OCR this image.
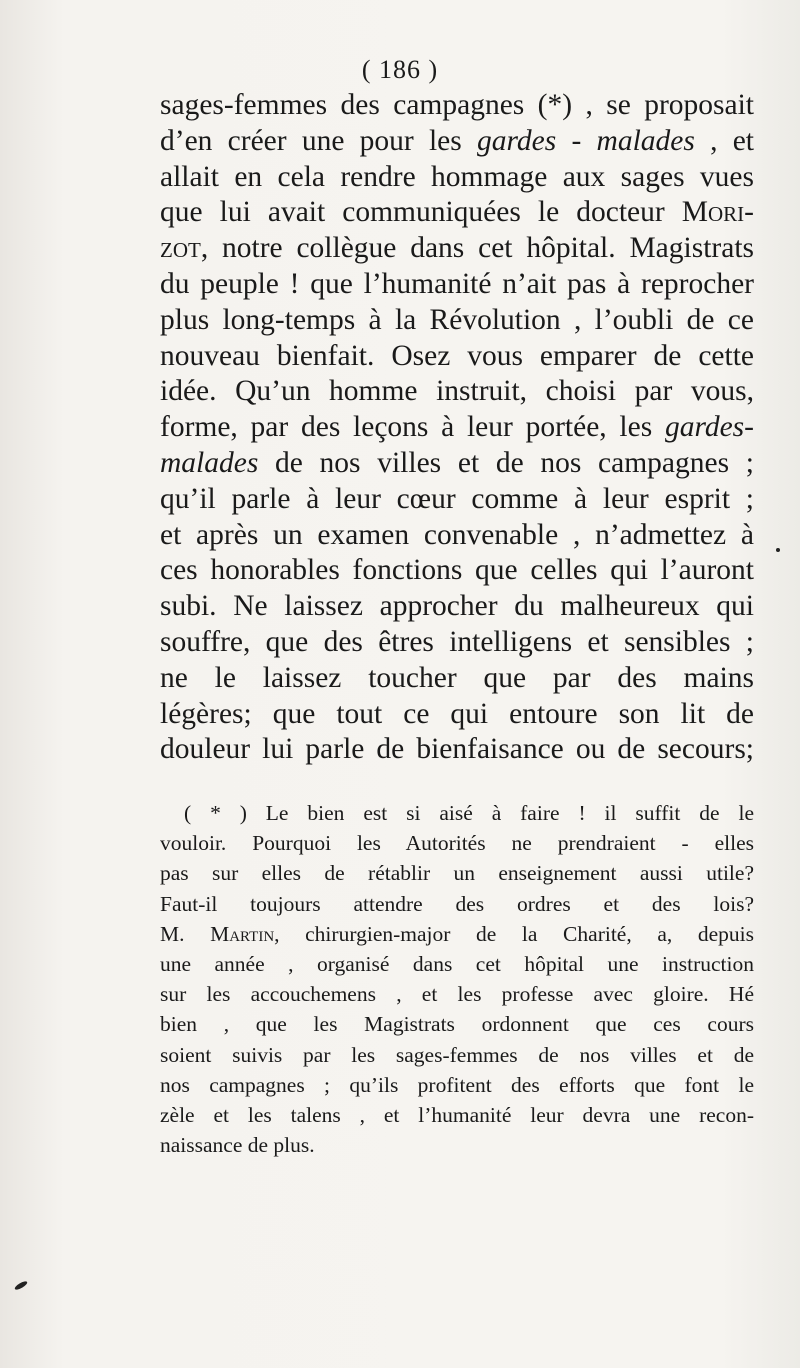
( 186 )
sages-femmes des campagnes (*) , se proposait
d’en créer une pour les gardes - malades , et
allait en cela rendre hommage aux sages vues
que lui avait communiquées le docteur Mori-
zot, notre collègue dans cet hôpital. Magistrats
du peuple ! que l’humanité n’ait pas à reprocher
plus long-temps à la Révolution , l’oubli de ce
nouveau bienfait. Osez vous emparer de cette
idée. Qu’un homme instruit, choisi par vous,
forme, par des leçons à leur portée, les gardes-
malades de nos villes et de nos campagnes ;
qu’il parle à leur cœur comme à leur esprit ;
et après un examen convenable , n’admettez à
ces honorables fonctions que celles qui l’auront
subi. Ne laissez approcher du malheureux qui
souffre, que des êtres intelligens et sensibles ;
ne le laissez toucher que par des mains
légères; que tout ce qui entoure son lit de
douleur lui parle de bienfaisance ou de secours;
( * ) Le bien est si aisé à faire ! il suffit de le
vouloir. Pourquoi les Autorités ne prendraient - elles
pas sur elles de rétablir un enseignement aussi utile?
Faut-il toujours attendre des ordres et des lois?
M. Martin, chirurgien-major de la Charité, a, depuis
une année , organisé dans cet hôpital une instruction
sur les accouchemens , et les professe avec gloire. Hé
bien , que les Magistrats ordonnent que ces cours
soient suivis par les sages-femmes de nos villes et de
nos campagnes ; qu’ils profitent des efforts que font le
zèle et les talens , et l’humanité leur devra une recon-
naissance de plus.
